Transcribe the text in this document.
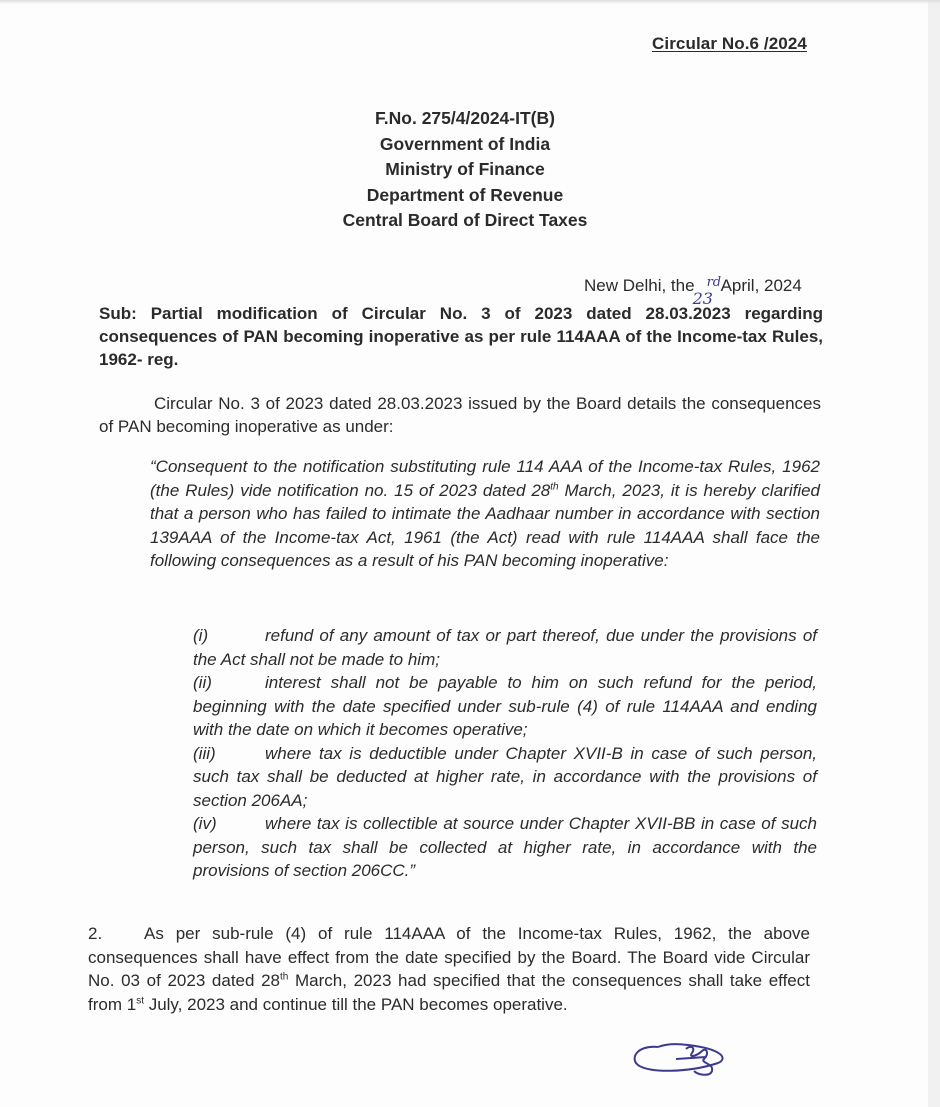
Circular No.6 /2024
F.No. 275/4/2024-IT(B)
Government of India
Ministry of Finance
Department of Revenue
Central Board of Direct Taxes
New Delhi, the
23
rd April, 2024
Sub: Partial modification of Circular No. 3 of 2023 dated 28.03.2023 regarding consequences of PAN becoming inoperative as per rule 114AAA of the Income-tax Rules, 1962- reg.
Circular No. 3 of 2023 dated 28.03.2023 issued by the Board details the consequences of PAN becoming inoperative as under:
“Consequent to the notification substituting rule 114 AAA of the Income-tax Rules, 1962 (the Rules) vide notification no. 15 of 2023 dated 28th March, 2023, it is hereby clarified that a person who has failed to intimate the Aadhaar number in accordance with section 139AAA of the Income-tax Act, 1961 (the Act) read with rule 114AAA shall face the following consequences as a result of his PAN becoming inoperative:
(i)	refund of any amount of tax or part thereof, due under the provisions of the Act shall not be made to him;
(ii)	interest shall not be payable to him on such refund for the period, beginning with the date specified under sub-rule (4) of rule 114AAA and ending with the date on which it becomes operative;
(iii)	where tax is deductible under Chapter XVII-B in case of such person, such tax shall be deducted at higher rate, in accordance with the provisions of section 206AA;
(iv)	where tax is collectible at source under Chapter XVII-BB in case of such person, such tax shall be collected at higher rate, in accordance with the provisions of section 206CC.”
2. As per sub-rule (4) of rule 114AAA of the Income-tax Rules, 1962, the above consequences shall have effect from the date specified by the Board. The Board vide Circular No. 03 of 2023 dated 28th March, 2023 had specified that the consequences shall take effect from 1st July, 2023 and continue till the PAN becomes operative.
